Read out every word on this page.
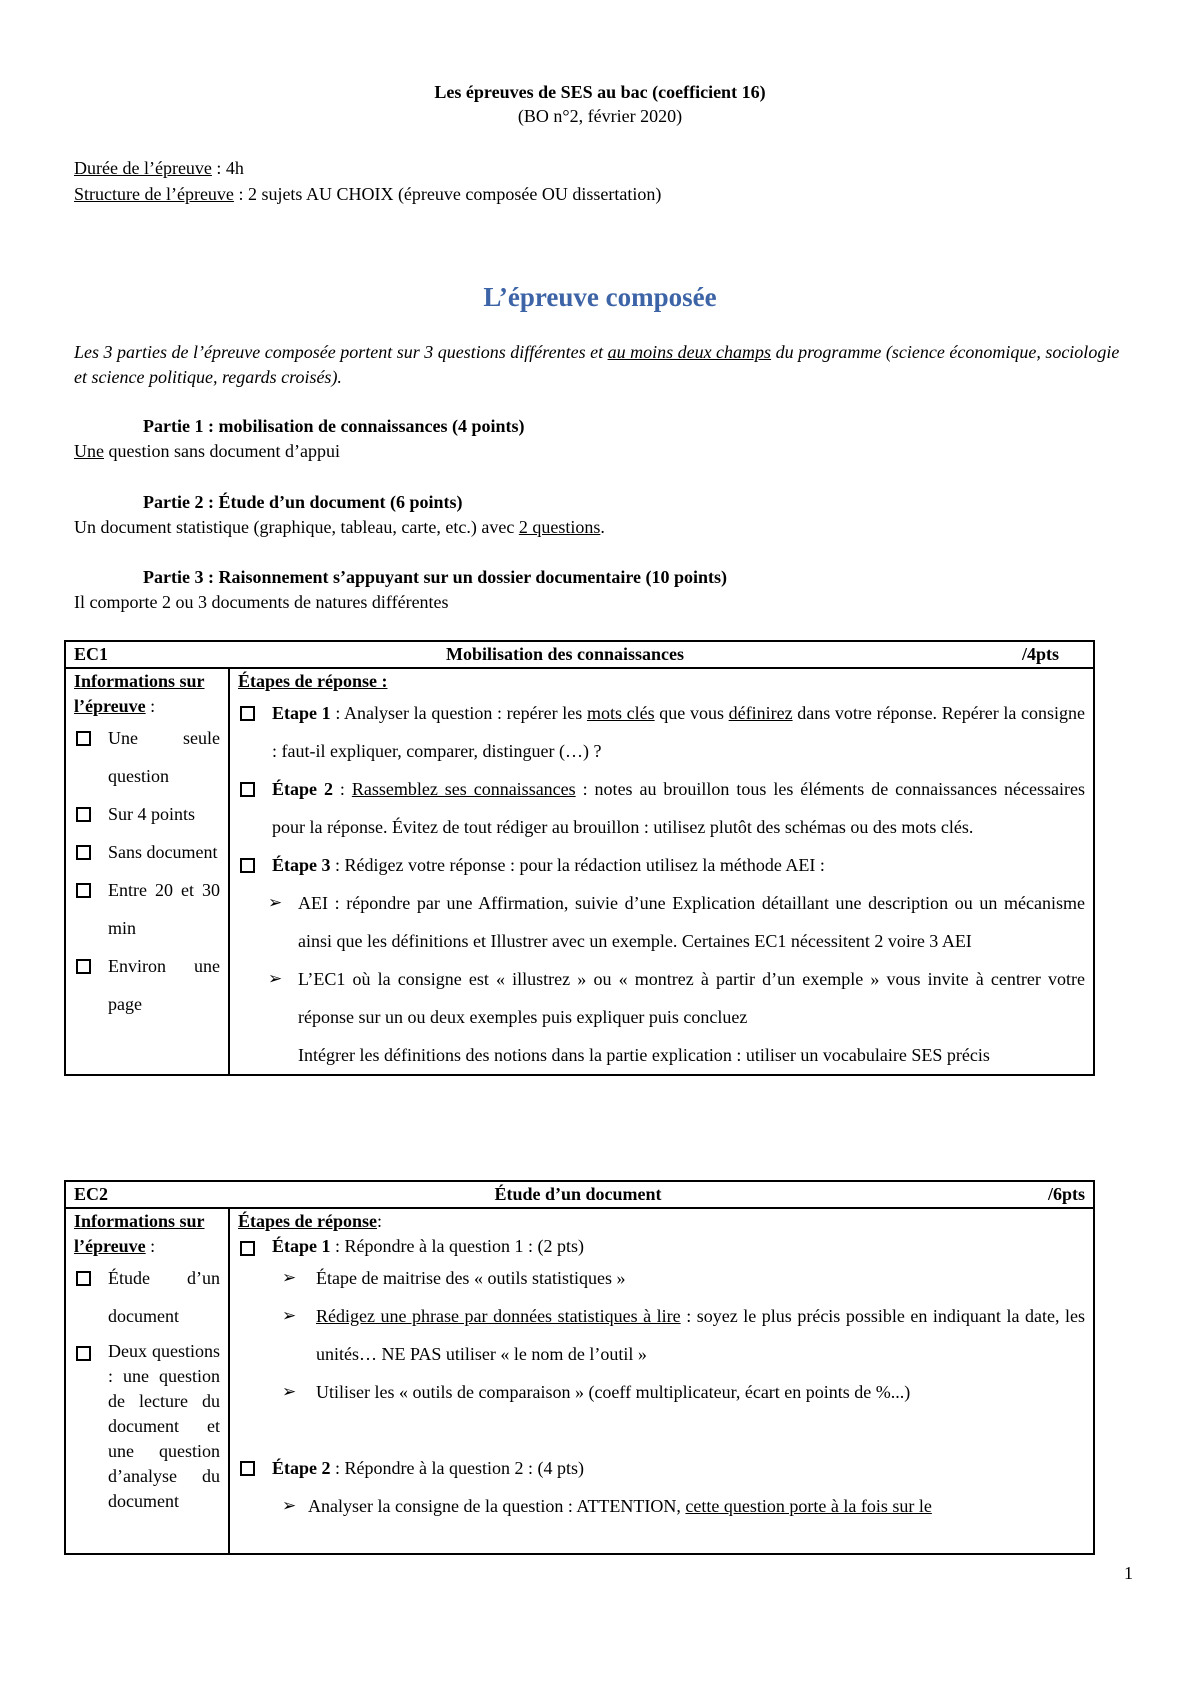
Les épreuves de SES au bac (coefficient 16)
(BO n°2, février 2020)
Durée de l’épreuve : 4h
Structure de l’épreuve : 2 sujets AU CHOIX (épreuve composée OU dissertation)
L’épreuve composée
Les 3 parties de l’épreuve composée portent sur 3 questions différentes et au moins deux champs du programme (science économique, sociologie et science politique, regards croisés).
Partie 1 : mobilisation de connaissances (4 points)
Une question sans document d’appui
Partie 2 : Étude d’un document (6 points)
Un document statistique (graphique, tableau, carte, etc.) avec 2 questions.
Partie 3 : Raisonnement s’appuyant sur un dossier documentaire (10 points)
Il comporte 2 ou 3 documents de natures différentes
EC1	Mobilisation des connaissances	/4pts

Informations sur l’épreuve :
Une seule question
Sur 4 points
Sans document
Entre 20 et 30 min
Environ une page

Étapes de réponse :
Etape 1 : Analyser la question : repérer les mots clés que vous définirez dans votre réponse. Repérer la consigne : faut-il expliquer, comparer, distinguer (…) ?
Étape 2 : Rassemblez ses connaissances : notes au brouillon tous les éléments de connaissances nécessaires pour la réponse. Évitez de tout rédiger au brouillon : utilisez plutôt des schémas ou des mots clés.
Étape 3 : Rédigez votre réponse : pour la rédaction utilisez la méthode AEI :
➢ AEI : répondre par une Affirmation, suivie d’une Explication détaillant une description ou un mécanisme ainsi que les définitions et Illustrer avec un exemple. Certaines EC1 nécessitent 2 voire 3 AEI
➢ L’EC1 où la consigne est « illustrez » ou « montrez à partir d’un exemple » vous invite à centrer votre réponse sur un ou deux exemples puis expliquer puis concluez
Intégrer les définitions des notions dans la partie explication : utiliser un vocabulaire SES précis
EC2	Étude d’un document	/6pts

Informations sur l’épreuve :
Étude d’un document
Deux questions : une question de lecture du document et une question d’analyse du document

Étapes de réponse:
Étape 1 : Répondre à la question 1 : (2 pts)
➢ Étape de maitrise des « outils statistiques »
➢ Rédigez une phrase par données statistiques à lire : soyez le plus précis possible en indiquant la date, les unités… NE PAS utiliser « le nom de l’outil »
➢ Utiliser les « outils de comparaison » (coeff multiplicateur, écart en points de %...)
Étape 2 : Répondre à la question 2 : (4 pts)
➢ Analyser la consigne de la question : ATTENTION, cette question porte à la fois sur le
1
